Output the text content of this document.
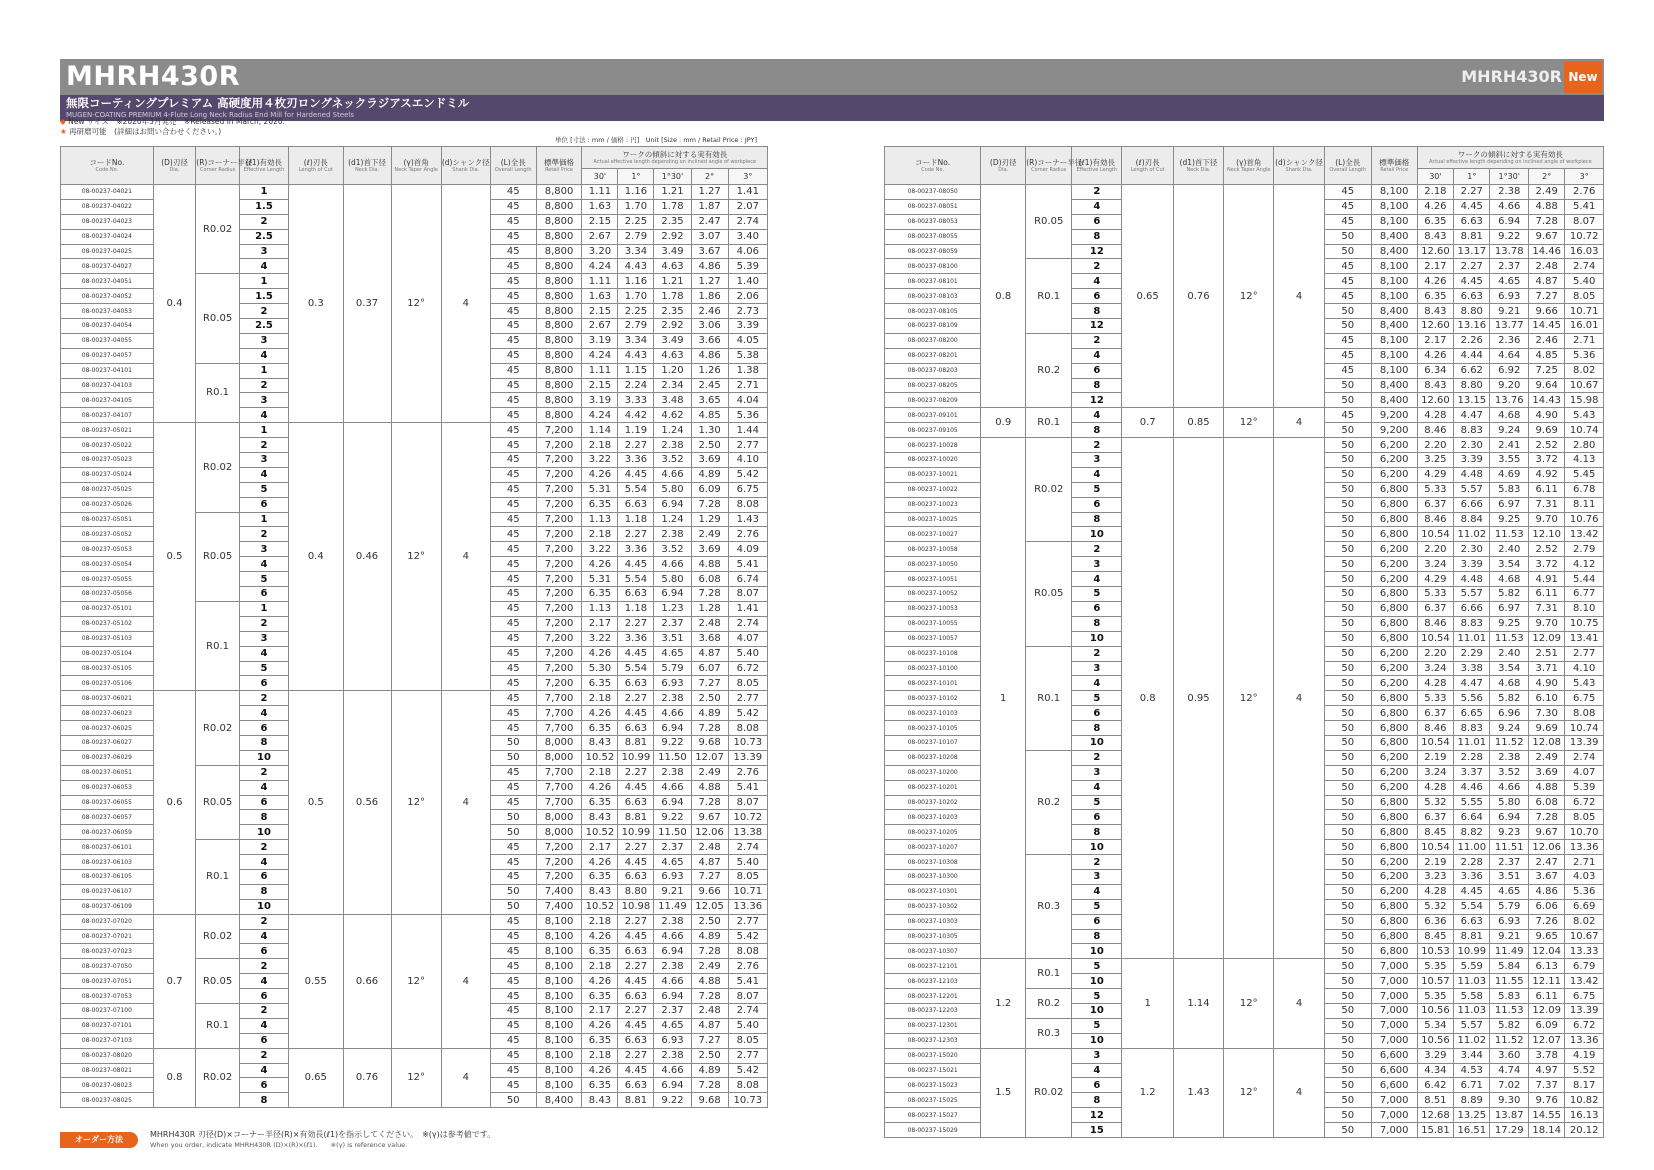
MHRH430R	MHRH430R New
無限コーティングプレミアム 高硬度用４枚刃ロングネックラジアスエンドミル
MUGEN-COATING PREMIUM 4-Flute Long Neck Radius End Mill for Hardened Steels
◆ New サイズ　※2020年3月発売　※Released in March, 2020.
★ 再研磨可能　(詳細はお問い合わせください。)
単位 [寸法 : mm / 価格 : 円]　Unit [Size : mm / Retail Price : JPY]
コードNo.
Code No.	(D)刃径
Dia.	(R)コーナー半径
Corner Radius	(ℓ1)有効長
Effective Length	(ℓ)刃長
Length of Cut	(d1)首下径
Neck Dia.	(γ)首角
Neck Taper Angle	(d)シャンク径
Shank Dia.	(L)全長
Overall Length	標準価格
Retail Price	ワークの傾斜に対する実有効長
Actual effective length depending on inclined angle of workpiece				

										30'	1°	1°30'	2°	3°
08-00237-04021	0.4	R0.02	1	0.3	0.37	12°	4	45	8,800	1.11	1.16	1.21	1.27	1.41
08-00237-04022			1.5					45	8,800	1.63	1.70	1.78	1.87	2.07
08-00237-04023			2					45	8,800	2.15	2.25	2.35	2.47	2.74
08-00237-04024			2.5					45	8,800	2.67	2.79	2.92	3.07	3.40
08-00237-04025			3					45	8,800	3.20	3.34	3.49	3.67	4.06
08-00237-04027			4					45	8,800	4.24	4.43	4.63	4.86	5.39
08-00237-04051		R0.05	1					45	8,800	1.11	1.16	1.21	1.27	1.40
08-00237-04052			1.5					45	8,800	1.63	1.70	1.78	1.86	2.06
08-00237-04053			2					45	8,800	2.15	2.25	2.35	2.46	2.73
08-00237-04054			2.5					45	8,800	2.67	2.79	2.92	3.06	3.39
08-00237-04055			3					45	8,800	3.19	3.34	3.49	3.66	4.05
08-00237-04057			4					45	8,800	4.24	4.43	4.63	4.86	5.38
08-00237-04101		R0.1	1					45	8,800	1.11	1.15	1.20	1.26	1.38
08-00237-04103			2					45	8,800	2.15	2.24	2.34	2.45	2.71
08-00237-04105			3					45	8,800	3.19	3.33	3.48	3.65	4.04
08-00237-04107			4					45	8,800	4.24	4.42	4.62	4.85	5.36
08-00237-05021	0.5	R0.02	1	0.4	0.46	12°	4	45	7,200	1.14	1.19	1.24	1.30	1.44
08-00237-05022			2					45	7,200	2.18	2.27	2.38	2.50	2.77
08-00237-05023			3					45	7,200	3.22	3.36	3.52	3.69	4.10
08-00237-05024			4					45	7,200	4.26	4.45	4.66	4.89	5.42
08-00237-05025			5					45	7,200	5.31	5.54	5.80	6.09	6.75
08-00237-05026			6					45	7,200	6.35	6.63	6.94	7.28	8.08
08-00237-05051		R0.05	1					45	7,200	1.13	1.18	1.24	1.29	1.43
08-00237-05052			2					45	7,200	2.18	2.27	2.38	2.49	2.76
08-00237-05053			3					45	7,200	3.22	3.36	3.52	3.69	4.09
08-00237-05054			4					45	7,200	4.26	4.45	4.66	4.88	5.41
08-00237-05055			5					45	7,200	5.31	5.54	5.80	6.08	6.74
08-00237-05056			6					45	7,200	6.35	6.63	6.94	7.28	8.07
08-00237-05101		R0.1	1					45	7,200	1.13	1.18	1.23	1.28	1.41
08-00237-05102			2					45	7,200	2.17	2.27	2.37	2.48	2.74
08-00237-05103			3					45	7,200	3.22	3.36	3.51	3.68	4.07
08-00237-05104			4					45	7,200	4.26	4.45	4.65	4.87	5.40
08-00237-05105			5					45	7,200	5.30	5.54	5.79	6.07	6.72
08-00237-05106			6					45	7,200	6.35	6.63	6.93	7.27	8.05
08-00237-06021	0.6	R0.02	2	0.5	0.56	12°	4	45	7,700	2.18	2.27	2.38	2.50	2.77
08-00237-06023			4					45	7,700	4.26	4.45	4.66	4.89	5.42
08-00237-06025			6					45	7,700	6.35	6.63	6.94	7.28	8.08
08-00237-06027			8					50	8,000	8.43	8.81	9.22	9.68	10.73
08-00237-06029			10					50	8,000	10.52	10.99	11.50	12.07	13.39
08-00237-06051		R0.05	2					45	7,700	2.18	2.27	2.38	2.49	2.76
08-00237-06053			4					45	7,700	4.26	4.45	4.66	4.88	5.41
08-00237-06055			6					45	7,700	6.35	6.63	6.94	7.28	8.07
08-00237-06057			8					50	8,000	8.43	8.81	9.22	9.67	10.72
08-00237-06059			10					50	8,000	10.52	10.99	11.50	12.06	13.38
08-00237-06101		R0.1	2					45	7,200	2.17	2.27	2.37	2.48	2.74
08-00237-06103			4					45	7,200	4.26	4.45	4.65	4.87	5.40
08-00237-06105			6					45	7,200	6.35	6.63	6.93	7.27	8.05
08-00237-06107			8					50	7,400	8.43	8.80	9.21	9.66	10.71
08-00237-06109			10					50	7,400	10.52	10.98	11.49	12.05	13.36
08-00237-07020	0.7	R0.02	2	0.55	0.66	12°	4	45	8,100	2.18	2.27	2.38	2.50	2.77
08-00237-07021			4					45	8,100	4.26	4.45	4.66	4.89	5.42
08-00237-07023			6					45	8,100	6.35	6.63	6.94	7.28	8.08
08-00237-07050		R0.05	2					45	8,100	2.18	2.27	2.38	2.49	2.76
08-00237-07051			4					45	8,100	4.26	4.45	4.66	4.88	5.41
08-00237-07053			6					45	8,100	6.35	6.63	6.94	7.28	8.07
08-00237-07100		R0.1	2					45	8,100	2.17	2.27	2.37	2.48	2.74
08-00237-07101			4					45	8,100	4.26	4.45	4.65	4.87	5.40
08-00237-07103			6					45	8,100	6.35	6.63	6.93	7.27	8.05
08-00237-08020	0.8	R0.02	2	0.65	0.76	12°	4	45	8,100	2.18	2.27	2.38	2.50	2.77
08-00237-08021			4					45	8,100	4.26	4.45	4.66	4.89	5.42
08-00237-08023			6					45	8,100	6.35	6.63	6.94	7.28	8.08
08-00237-08025			8					50	8,400	8.43	8.81	9.22	9.68	10.73
コードNo.
Code No.	(D)刃径
Dia.	(R)コーナー半径
Corner Radius	(ℓ1)有効長
Effective Length	(ℓ)刃長
Length of Cut	(d1)首下径
Neck Dia.	(γ)首角
Neck Taper Angle	(d)シャンク径
Shank Dia.	(L)全長
Overall Length	標準価格
Retail Price	ワークの傾斜に対する実有効長
Actual effective length depending on inclined angle of workpiece				

										30'	1°	1°30'	2°	3°
08-00237-08050	0.8	R0.05	2	0.65	0.76	12°	4	45	8,100	2.18	2.27	2.38	2.49	2.76
08-00237-08051			4					45	8,100	4.26	4.45	4.66	4.88	5.41
08-00237-08053			6					45	8,100	6.35	6.63	6.94	7.28	8.07
08-00237-08055			8					50	8,400	8.43	8.81	9.22	9.67	10.72
08-00237-08059			12					50	8,400	12.60	13.17	13.78	14.46	16.03
08-00237-08100		R0.1	2					45	8,100	2.17	2.27	2.37	2.48	2.74
08-00237-08101			4					45	8,100	4.26	4.45	4.65	4.87	5.40
08-00237-08103			6					45	8,100	6.35	6.63	6.93	7.27	8.05
08-00237-08105			8					50	8,400	8.43	8.80	9.21	9.66	10.71
08-00237-08109			12					50	8,400	12.60	13.16	13.77	14.45	16.01
08-00237-08200		R0.2	2					45	8,100	2.17	2.26	2.36	2.46	2.71
08-00237-08201			4					45	8,100	4.26	4.44	4.64	4.85	5.36
08-00237-08203			6					45	8,100	6.34	6.62	6.92	7.25	8.02
08-00237-08205			8					50	8,400	8.43	8.80	9.20	9.64	10.67
08-00237-08209			12					50	8,400	12.60	13.15	13.76	14.43	15.98
08-00237-09101	0.9	R0.1	4	0.7	0.85	12°	4	45	9,200	4.28	4.47	4.68	4.90	5.43
08-00237-09105			8					50	9,200	8.46	8.83	9.24	9.69	10.74
08-00237-10028	1	R0.02	2	0.8	0.95	12°	4	50	6,200	2.20	2.30	2.41	2.52	2.80
08-00237-10020			3					50	6,200	3.25	3.39	3.55	3.72	4.13
08-00237-10021			4					50	6,200	4.29	4.48	4.69	4.92	5.45
08-00237-10022			5					50	6,800	5.33	5.57	5.83	6.11	6.78
08-00237-10023			6					50	6,800	6.37	6.66	6.97	7.31	8.11
08-00237-10025			8					50	6,800	8.46	8.84	9.25	9.70	10.76
08-00237-10027			10					50	6,800	10.54	11.02	11.53	12.10	13.42
08-00237-10058		R0.05	2					50	6,200	2.20	2.30	2.40	2.52	2.79
08-00237-10050			3					50	6,200	3.24	3.39	3.54	3.72	4.12
08-00237-10051			4					50	6,200	4.29	4.48	4.68	4.91	5.44
08-00237-10052			5					50	6,800	5.33	5.57	5.82	6.11	6.77
08-00237-10053			6					50	6,800	6.37	6.66	6.97	7.31	8.10
08-00237-10055			8					50	6,800	8.46	8.83	9.25	9.70	10.75
08-00237-10057			10					50	6,800	10.54	11.01	11.53	12.09	13.41
08-00237-10108		R0.1	2					50	6,200	2.20	2.29	2.40	2.51	2.77
08-00237-10100			3					50	6,200	3.24	3.38	3.54	3.71	4.10
08-00237-10101			4					50	6,200	4.28	4.47	4.68	4.90	5.43
08-00237-10102			5					50	6,800	5.33	5.56	5.82	6.10	6.75
08-00237-10103			6					50	6,800	6.37	6.65	6.96	7.30	8.08
08-00237-10105			8					50	6,800	8.46	8.83	9.24	9.69	10.74
08-00237-10107			10					50	6,800	10.54	11.01	11.52	12.08	13.39
08-00237-10208		R0.2	2					50	6,200	2.19	2.28	2.38	2.49	2.74
08-00237-10200			3					50	6,200	3.24	3.37	3.52	3.69	4.07
08-00237-10201			4					50	6,200	4.28	4.46	4.66	4.88	5.39
08-00237-10202			5					50	6,800	5.32	5.55	5.80	6.08	6.72
08-00237-10203			6					50	6,800	6.37	6.64	6.94	7.28	8.05
08-00237-10205			8					50	6,800	8.45	8.82	9.23	9.67	10.70
08-00237-10207			10					50	6,800	10.54	11.00	11.51	12.06	13.36
08-00237-10308		R0.3	2					50	6,200	2.19	2.28	2.37	2.47	2.71
08-00237-10300			3					50	6,200	3.23	3.36	3.51	3.67	4.03
08-00237-10301			4					50	6,200	4.28	4.45	4.65	4.86	5.36
08-00237-10302			5					50	6,800	5.32	5.54	5.79	6.06	6.69
08-00237-10303			6					50	6,800	6.36	6.63	6.93	7.26	8.02
08-00237-10305			8					50	6,800	8.45	8.81	9.21	9.65	10.67
08-00237-10307			10					50	6,800	10.53	10.99	11.49	12.04	13.33
08-00237-12101	1.2	R0.1	5	1	1.14	12°	4	50	7,000	5.35	5.59	5.84	6.13	6.79
08-00237-12103			10					50	7,000	10.57	11.03	11.55	12.11	13.42
08-00237-12201		R0.2	5					50	7,000	5.35	5.58	5.83	6.11	6.75
08-00237-12203			10					50	7,000	10.56	11.03	11.53	12.09	13.39
08-00237-12301		R0.3	5					50	7,000	5.34	5.57	5.82	6.09	6.72
08-00237-12303			10					50	7,000	10.56	11.02	11.52	12.07	13.36
08-00237-15020	1.5	R0.02	3	1.2	1.43	12°	4	50	6,600	3.29	3.44	3.60	3.78	4.19
08-00237-15021			4					50	6,600	4.34	4.53	4.74	4.97	5.52
08-00237-15023			6					50	6,600	6.42	6.71	7.02	7.37	8.17
08-00237-15025			8					50	7,000	8.51	8.89	9.30	9.76	10.82
08-00237-15027			12					50	7,000	12.68	13.25	13.87	14.55	16.13
08-00237-15029			15					50	7,000	15.81	16.51	17.29	18.14	20.12
オーダー方法
MHRH430R 刃径(D)×コーナー半径(R)×有効長(ℓ1)を指示してください。　※(γ)は参考値です。
When you order, indicate MHRH430R (D)×(R)×(ℓ1).　　※(γ) is reference value.
